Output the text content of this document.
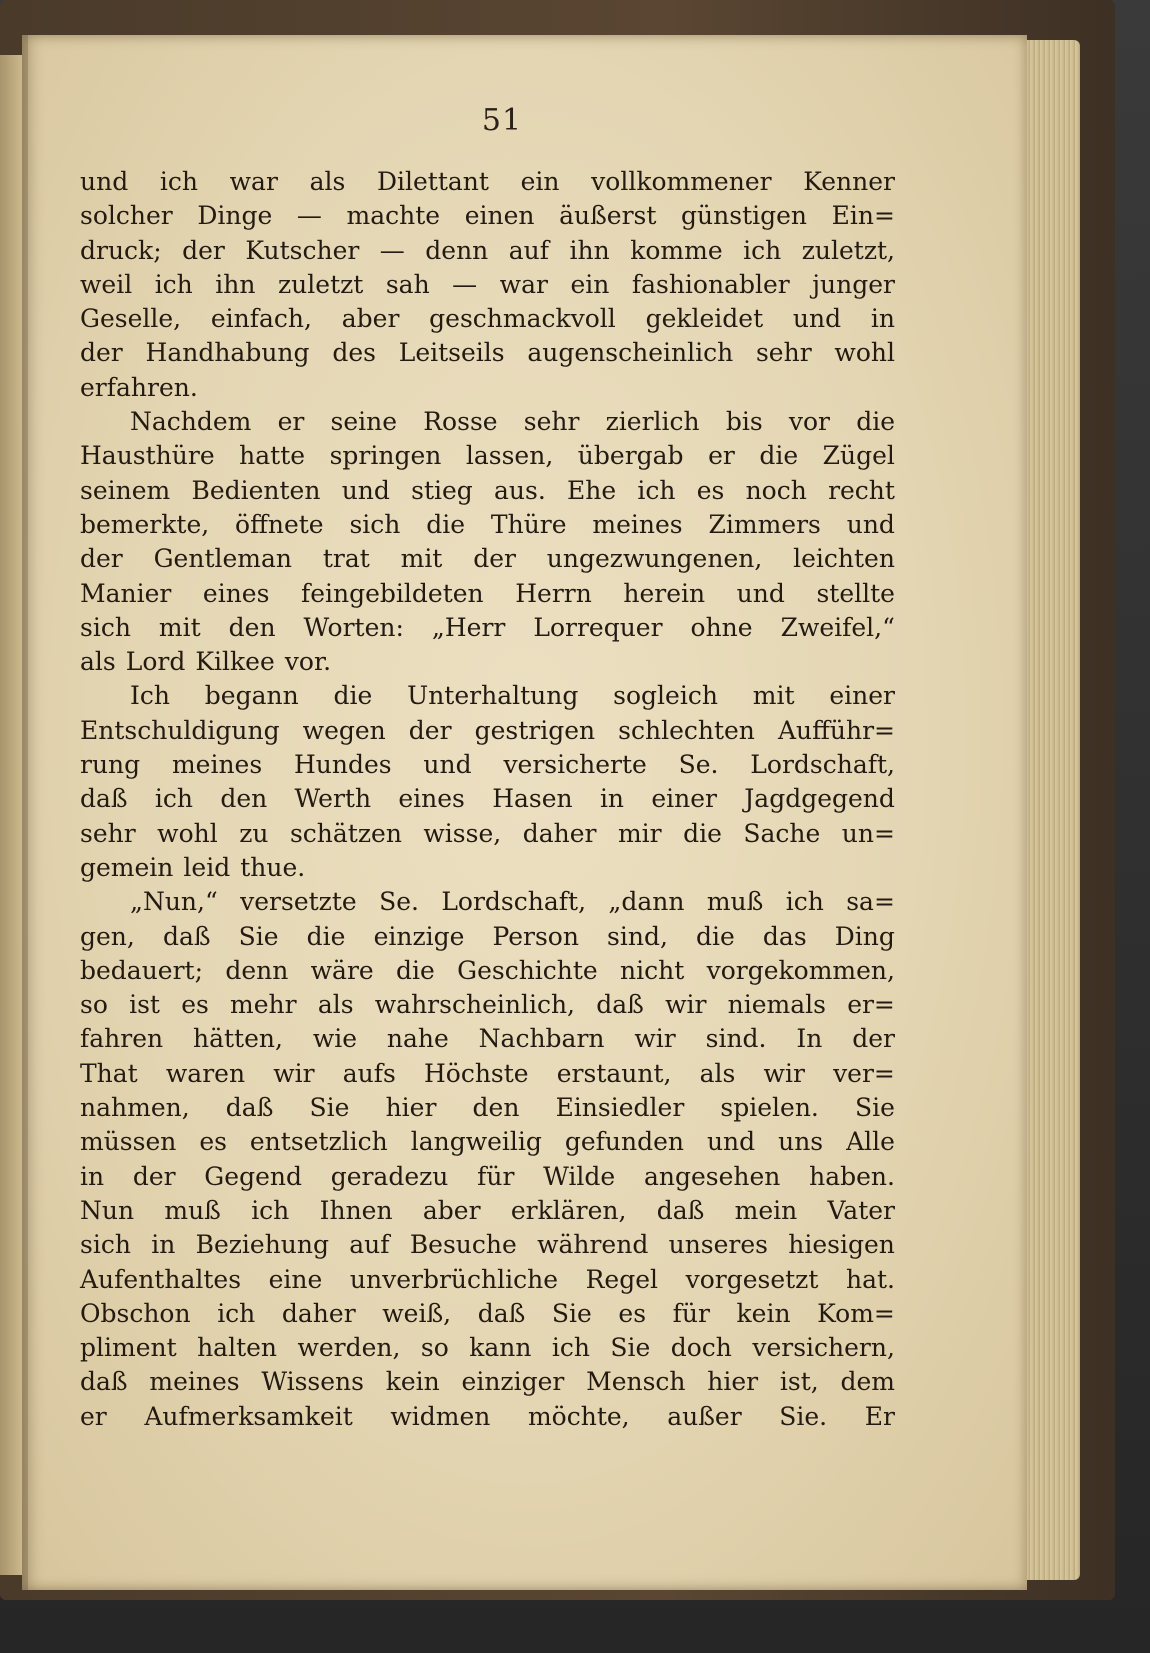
51
und ich war als Dilettant ein vollkommener Kenner
solcher Dinge — machte einen äußerst günstigen Ein=
druck; der Kutscher — denn auf ihn komme ich zuletzt,
weil ich ihn zuletzt sah — war ein fashionabler junger
Geselle, einfach, aber geschmackvoll gekleidet und in
der Handhabung des Leitseils augenscheinlich sehr wohl
erfahren.
Nachdem er seine Rosse sehr zierlich bis vor die
Hausthüre hatte springen lassen, übergab er die Zügel
seinem Bedienten und stieg aus. Ehe ich es noch recht
bemerkte, öffnete sich die Thüre meines Zimmers und
der Gentleman trat mit der ungezwungenen, leichten
Manier eines feingebildeten Herrn herein und stellte
sich mit den Worten: „Herr Lorrequer ohne Zweifel,“
als Lord Kilkee vor.
Ich begann die Unterhaltung sogleich mit einer
Entschuldigung wegen der gestrigen schlechten Aufführ=
rung meines Hundes und versicherte Se. Lordschaft,
daß ich den Werth eines Hasen in einer Jagdgegend
sehr wohl zu schätzen wisse, daher mir die Sache un=
gemein leid thue.
„Nun,“ versetzte Se. Lordschaft, „dann muß ich sa=
gen, daß Sie die einzige Person sind, die das Ding
bedauert; denn wäre die Geschichte nicht vorgekommen,
so ist es mehr als wahrscheinlich, daß wir niemals er=
fahren hätten, wie nahe Nachbarn wir sind. In der
That waren wir aufs Höchste erstaunt, als wir ver=
nahmen, daß Sie hier den Einsiedler spielen. Sie
müssen es entsetzlich langweilig gefunden und uns Alle
in der Gegend geradezu für Wilde angesehen haben.
Nun muß ich Ihnen aber erklären, daß mein Vater
sich in Beziehung auf Besuche während unseres hiesigen
Aufenthaltes eine unverbrüchliche Regel vorgesetzt hat.
Obschon ich daher weiß, daß Sie es für kein Kom=
pliment halten werden, so kann ich Sie doch versichern,
daß meines Wissens kein einziger Mensch hier ist, dem
er Aufmerksamkeit widmen möchte, außer Sie. Er
